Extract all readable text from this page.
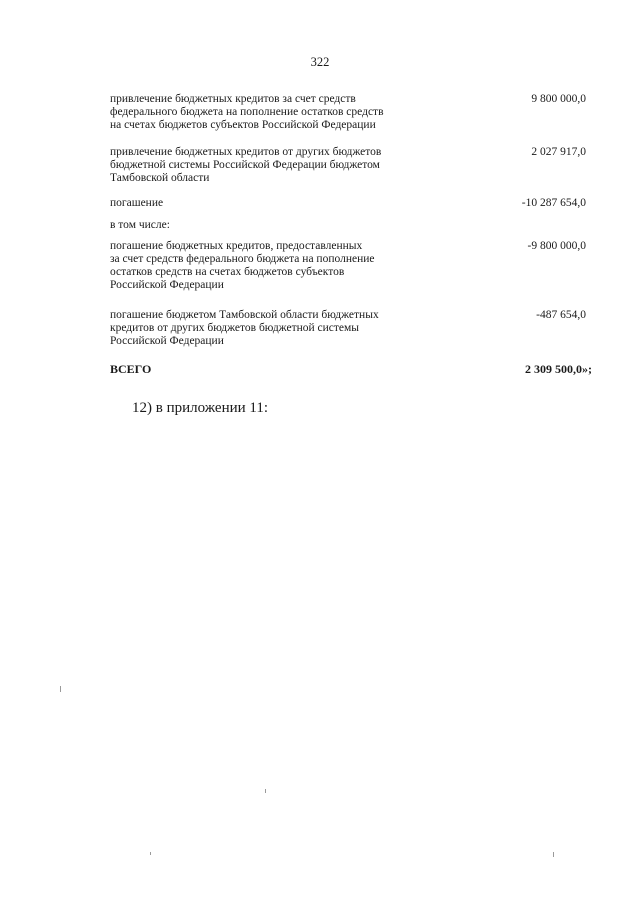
322
привлечение бюджетных кредитов за счет средств
федерального бюджета на пополнение остатков средств
на счетах бюджетов субъектов Российской Федерации
9 800 000,0
привлечение бюджетных кредитов от других бюджетов
бюджетной системы Российской Федерации бюджетом
Тамбовской области
2 027 917,0
погашение	-10 287 654,0
в том числе:
погашение бюджетных кредитов, предоставленных
за счет средств федерального бюджета на пополнение
остатков средств на счетах бюджетов субъектов
Российской Федерации
-9 800 000,0
погашение бюджетом Тамбовской области бюджетных
кредитов от других бюджетов бюджетной системы
Российской Федерации
-487 654,0
ВСЕГО	2 309 500,0»;
12) в приложении 11:
